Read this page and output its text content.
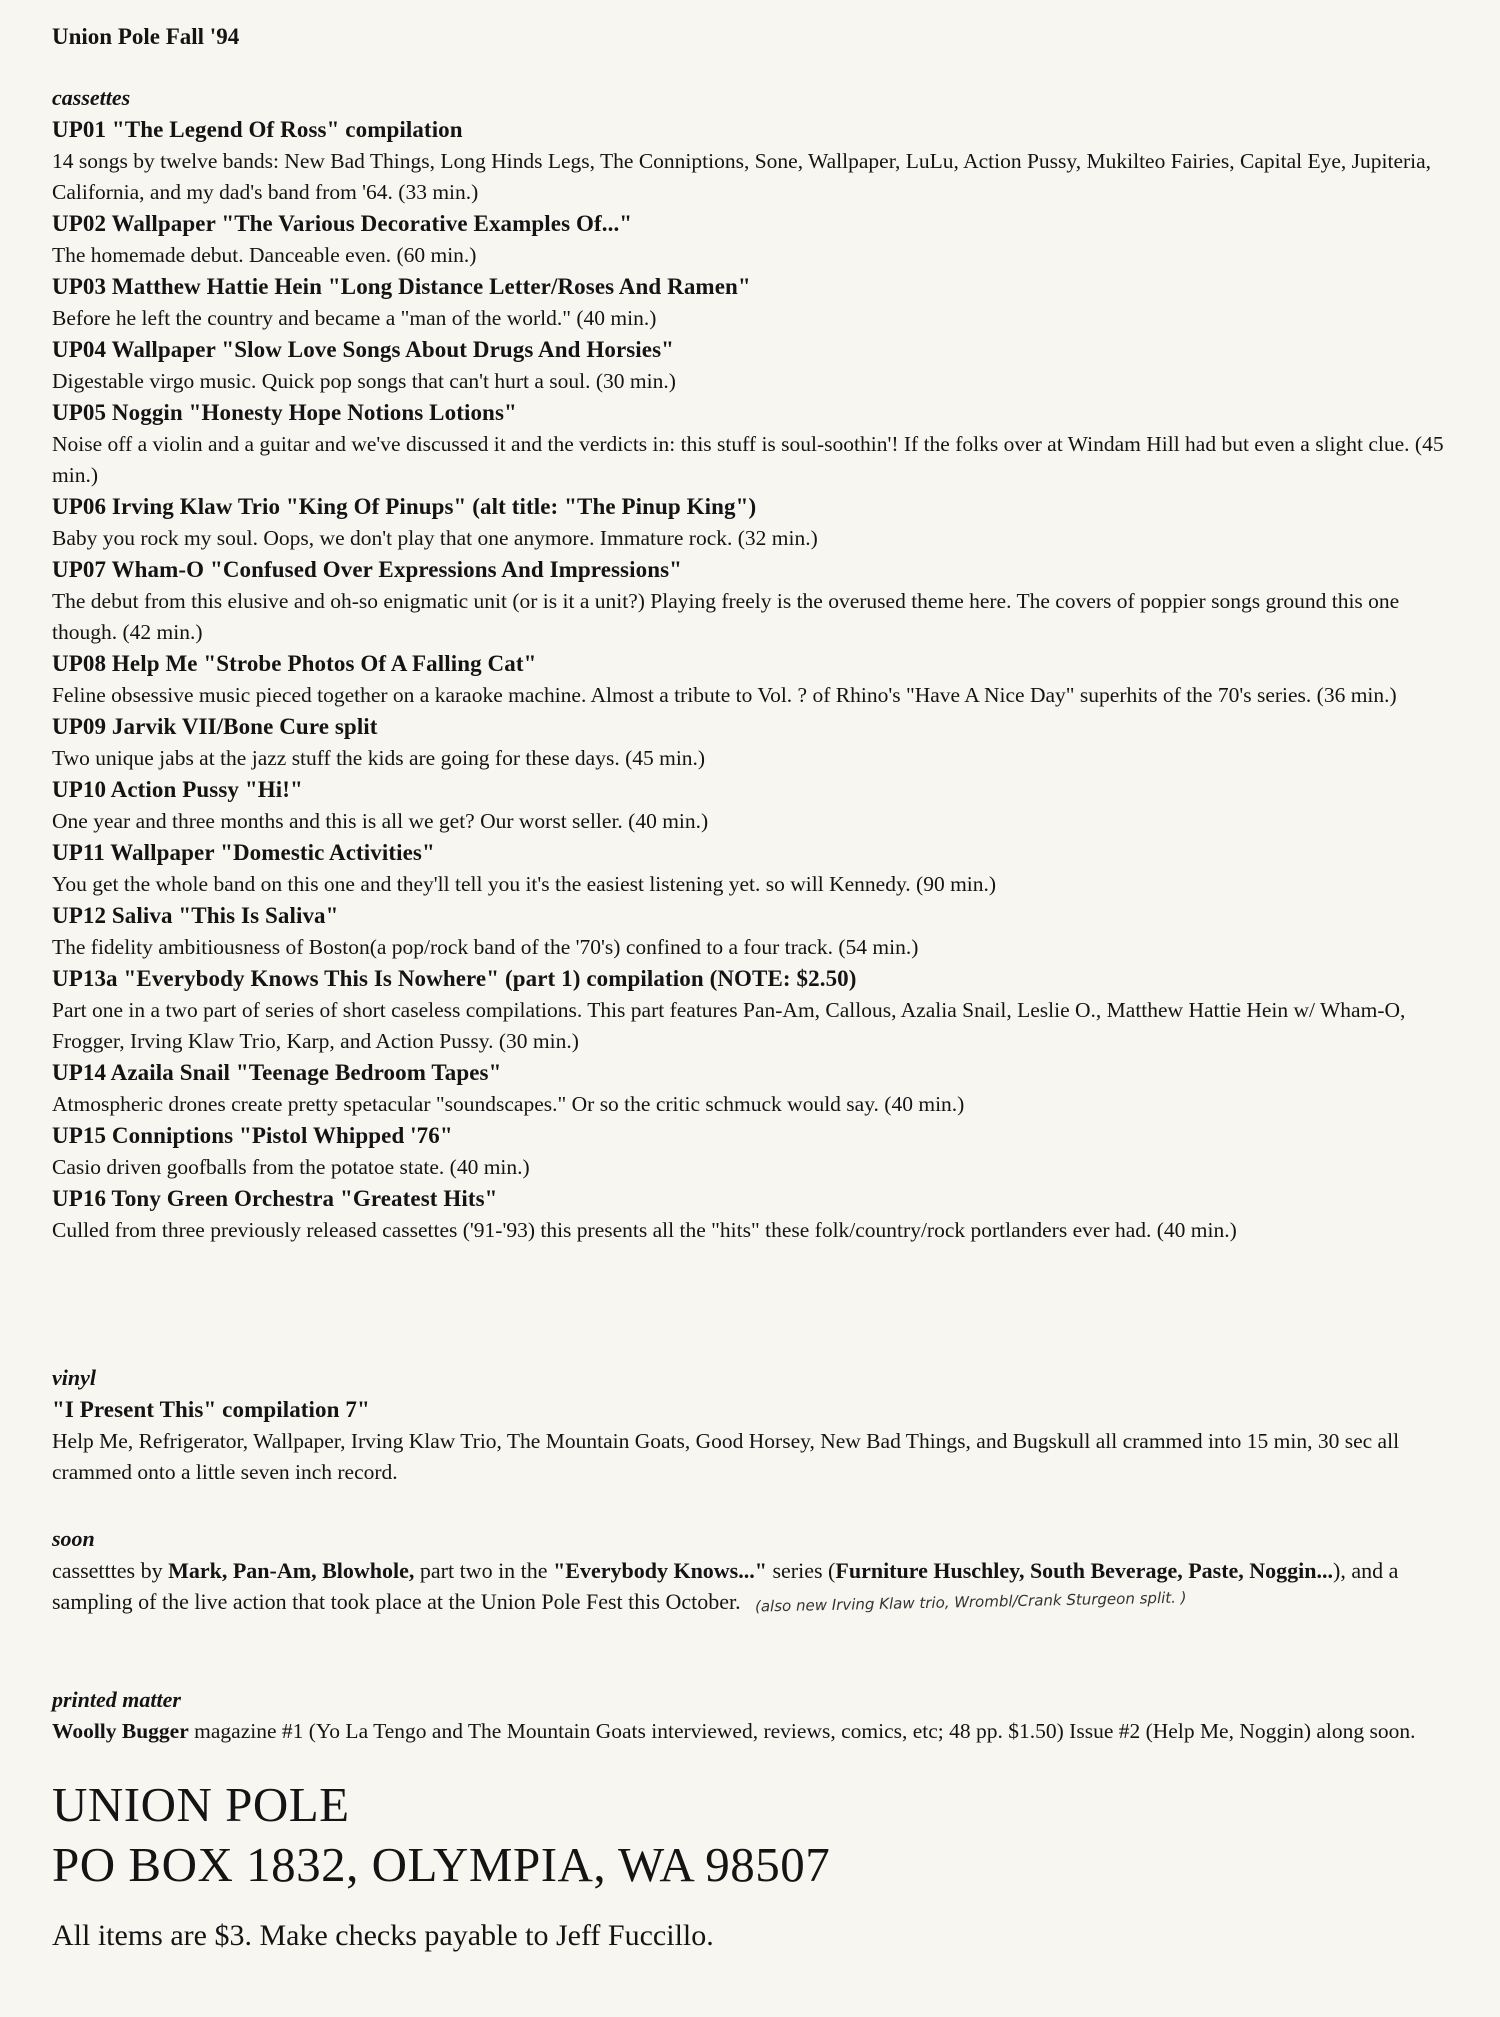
Union Pole Fall '94
cassettes
UP01 "The Legend Of Ross" compilation
14 songs by twelve bands: New Bad Things, Long Hinds Legs, The Conniptions, Sone, Wallpaper, LuLu, Action Pussy, Mukilteo Fairies, Capital Eye, Jupiteria, California, and my dad's band from '64. (33 min.)
UP02 Wallpaper "The Various Decorative Examples Of..."
The homemade debut. Danceable even. (60 min.)
UP03 Matthew Hattie Hein "Long Distance Letter/Roses And Ramen"
Before he left the country and became a "man of the world." (40 min.)
UP04 Wallpaper "Slow Love Songs About Drugs And Horsies"
Digestable virgo music. Quick pop songs that can't hurt a soul. (30 min.)
UP05 Noggin "Honesty Hope Notions Lotions"
Noise off a violin and a guitar and we've discussed it and the verdicts in: this stuff is soul-soothin'! If the folks over at Windam Hill had but even a slight clue. (45 min.)
UP06 Irving Klaw Trio "King Of Pinups" (alt title: "The Pinup King")
Baby you rock my soul. Oops, we don't play that one anymore. Immature rock. (32 min.)
UP07 Wham-O "Confused Over Expressions And Impressions"
The debut from this elusive and oh-so enigmatic unit (or is it a unit?) Playing freely is the overused theme here. The covers of poppier songs ground this one though. (42 min.)
UP08 Help Me "Strobe Photos Of A Falling Cat"
Feline obsessive music pieced together on a karaoke machine. Almost a tribute to Vol. ? of Rhino's "Have A Nice Day" superhits of the 70's series. (36 min.)
UP09 Jarvik VII/Bone Cure split
Two unique jabs at the jazz stuff the kids are going for these days. (45 min.)
UP10 Action Pussy "Hi!"
One year and three months and this is all we get? Our worst seller. (40 min.)
UP11 Wallpaper "Domestic Activities"
You get the whole band on this one and they'll tell you it's the easiest listening yet. so will Kennedy. (90 min.)
UP12 Saliva "This Is Saliva"
The fidelity ambitiousness of Boston(a pop/rock band of the '70's) confined to a four track. (54 min.)
UP13a "Everybody Knows This Is Nowhere" (part 1) compilation (NOTE: $2.50)
Part one in a two part of series of short caseless compilations. This part features Pan-Am, Callous, Azalia Snail, Leslie O., Matthew Hattie Hein w/ Wham-O, Frogger, Irving Klaw Trio, Karp, and Action Pussy. (30 min.)
UP14 Azaila Snail "Teenage Bedroom Tapes"
Atmospheric drones create pretty spetacular "soundscapes." Or so the critic schmuck would say. (40 min.)
UP15 Conniptions "Pistol Whipped '76"
Casio driven goofballs from the potatoe state. (40 min.)
UP16 Tony Green Orchestra "Greatest Hits"
Culled from three previously released cassettes ('91-'93) this presents all the "hits" these folk/country/rock portlanders ever had. (40 min.)
vinyl
"I Present This" compilation 7"
Help Me, Refrigerator, Wallpaper, Irving Klaw Trio, The Mountain Goats, Good Horsey, New Bad Things, and Bugskull all crammed into 15 min, 30 sec all crammed onto a little seven inch record.
soon
cassetttes by Mark, Pan-Am, Blowhole, part two in the "Everybody Knows..." series (Furniture Huschley, South Beverage, Paste, Noggin...), and a sampling of the live action that took place at the Union Pole Fest this October. (also new Irving Klaw trio, Wrombl/Crank Sturgeon split. )
printed matter
Woolly Bugger magazine #1 (Yo La Tengo and The Mountain Goats interviewed, reviews, comics, etc; 48 pp. $1.50) Issue #2 (Help Me, Noggin) along soon.
UNION POLE
PO BOX 1832, OLYMPIA, WA 98507
All items are $3. Make checks payable to Jeff Fuccillo.
